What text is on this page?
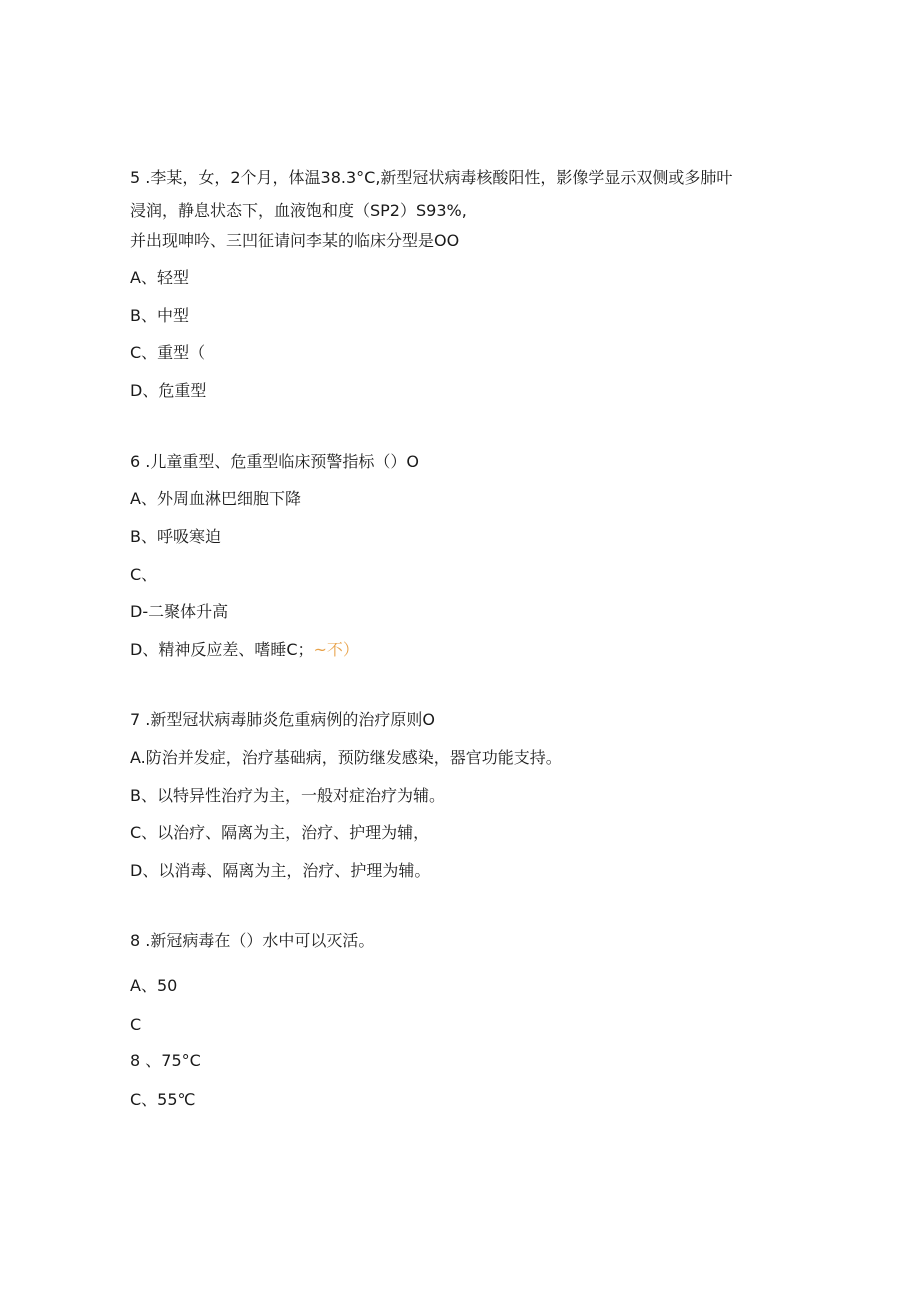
5 .李某，女，2个月，体温38.3°C,新型冠状病毒核酸阳性，影像学显示双侧或多肺叶
浸润，静息状态下，血液饱和度（SP2）S93%,
并出现呻吟、三凹征请问李某的临床分型是OO
A、轻型
B、中型
C、重型（
D、危重型
6 .儿童重型、危重型临床预警指标（）O
A、外周血淋巴细胞下降
B、呼吸寒迫
C、
D-二聚体升高
D、精神反应差、嗜睡C；~不）
7 .新型冠状病毒肺炎危重病例的治疗原则O
A.防治并发症，治疗基础病，预防继发感染，器官功能支持。
B、以特异性治疗为主，一般对症治疗为辅。
C、以治疗、隔离为主，治疗、护理为辅，
D、以消毒、隔离为主，治疗、护理为辅。
8 .新冠病毒在（）水中可以灭活。
A、50
C
8 、75°C
C、55℃
